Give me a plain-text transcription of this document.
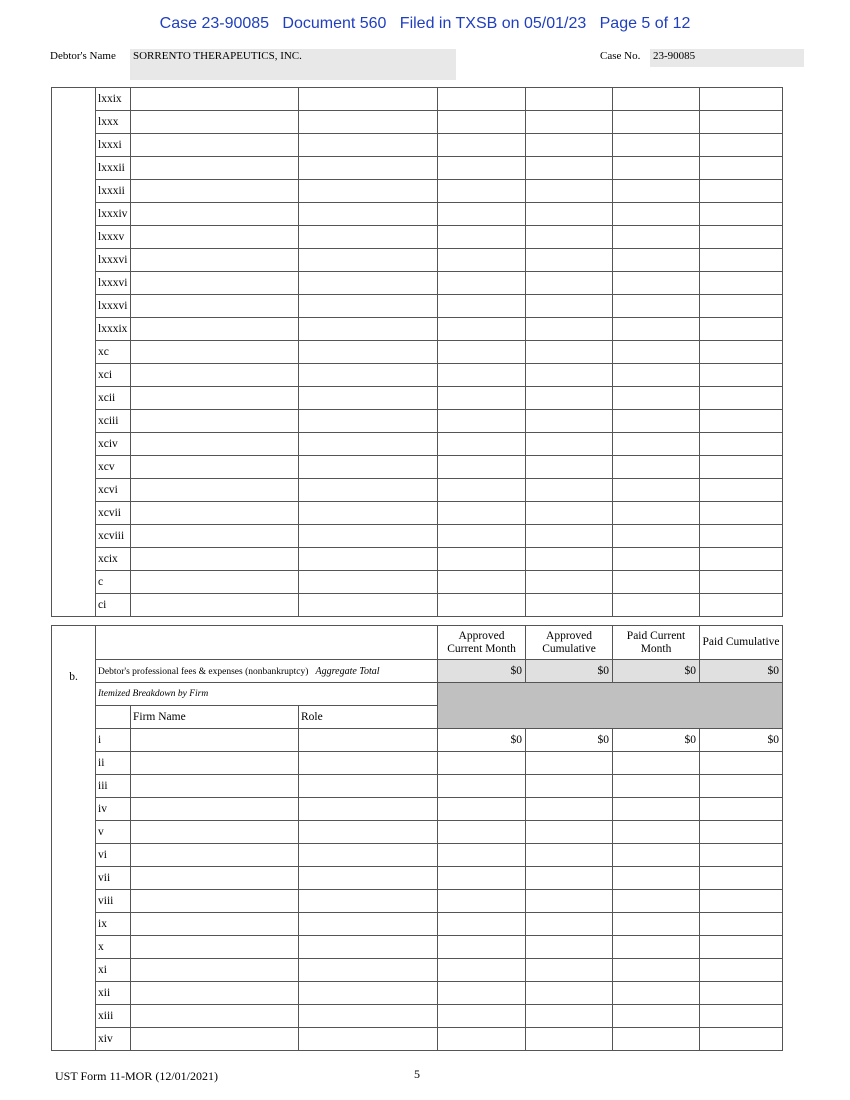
Case 23-90085   Document 560   Filed in TXSB on 05/01/23   Page 5 of 12
Debtor's Name SORRENTO THERAPEUTICS, INC.	Case No. 23-90085
	lxxix						
	lxxx						
	lxxxi						
	lxxxii						
	lxxxii						
	lxxxiv						
	lxxxv						
	lxxxvi						
	lxxxvi						
	lxxxvi						
	lxxxix						
	xc						
	xci						
	xcii						
	xciii						
	xciv						
	xcv						
	xcvi						
	xcvii						
	xcviii						
	xcix						
	c						
	ci						
b.				Approved Current Month	Approved Cumulative	Paid Current Month	Paid Cumulative
	Debtor's professional fees & expenses (nonbankruptcy) Aggregate Total			$0	$0	$0	$0
	Itemized Breakdown by Firm						
		Firm Name	Role				
	i			$0	$0	$0	$0
	ii						
	iii						
	iv						
	v						
	vi						
	vii						
	viii						
	ix						
	x						
	xi						
	xii						
	xiii						
	xiv						
UST Form 11-MOR (12/01/2021)	5
